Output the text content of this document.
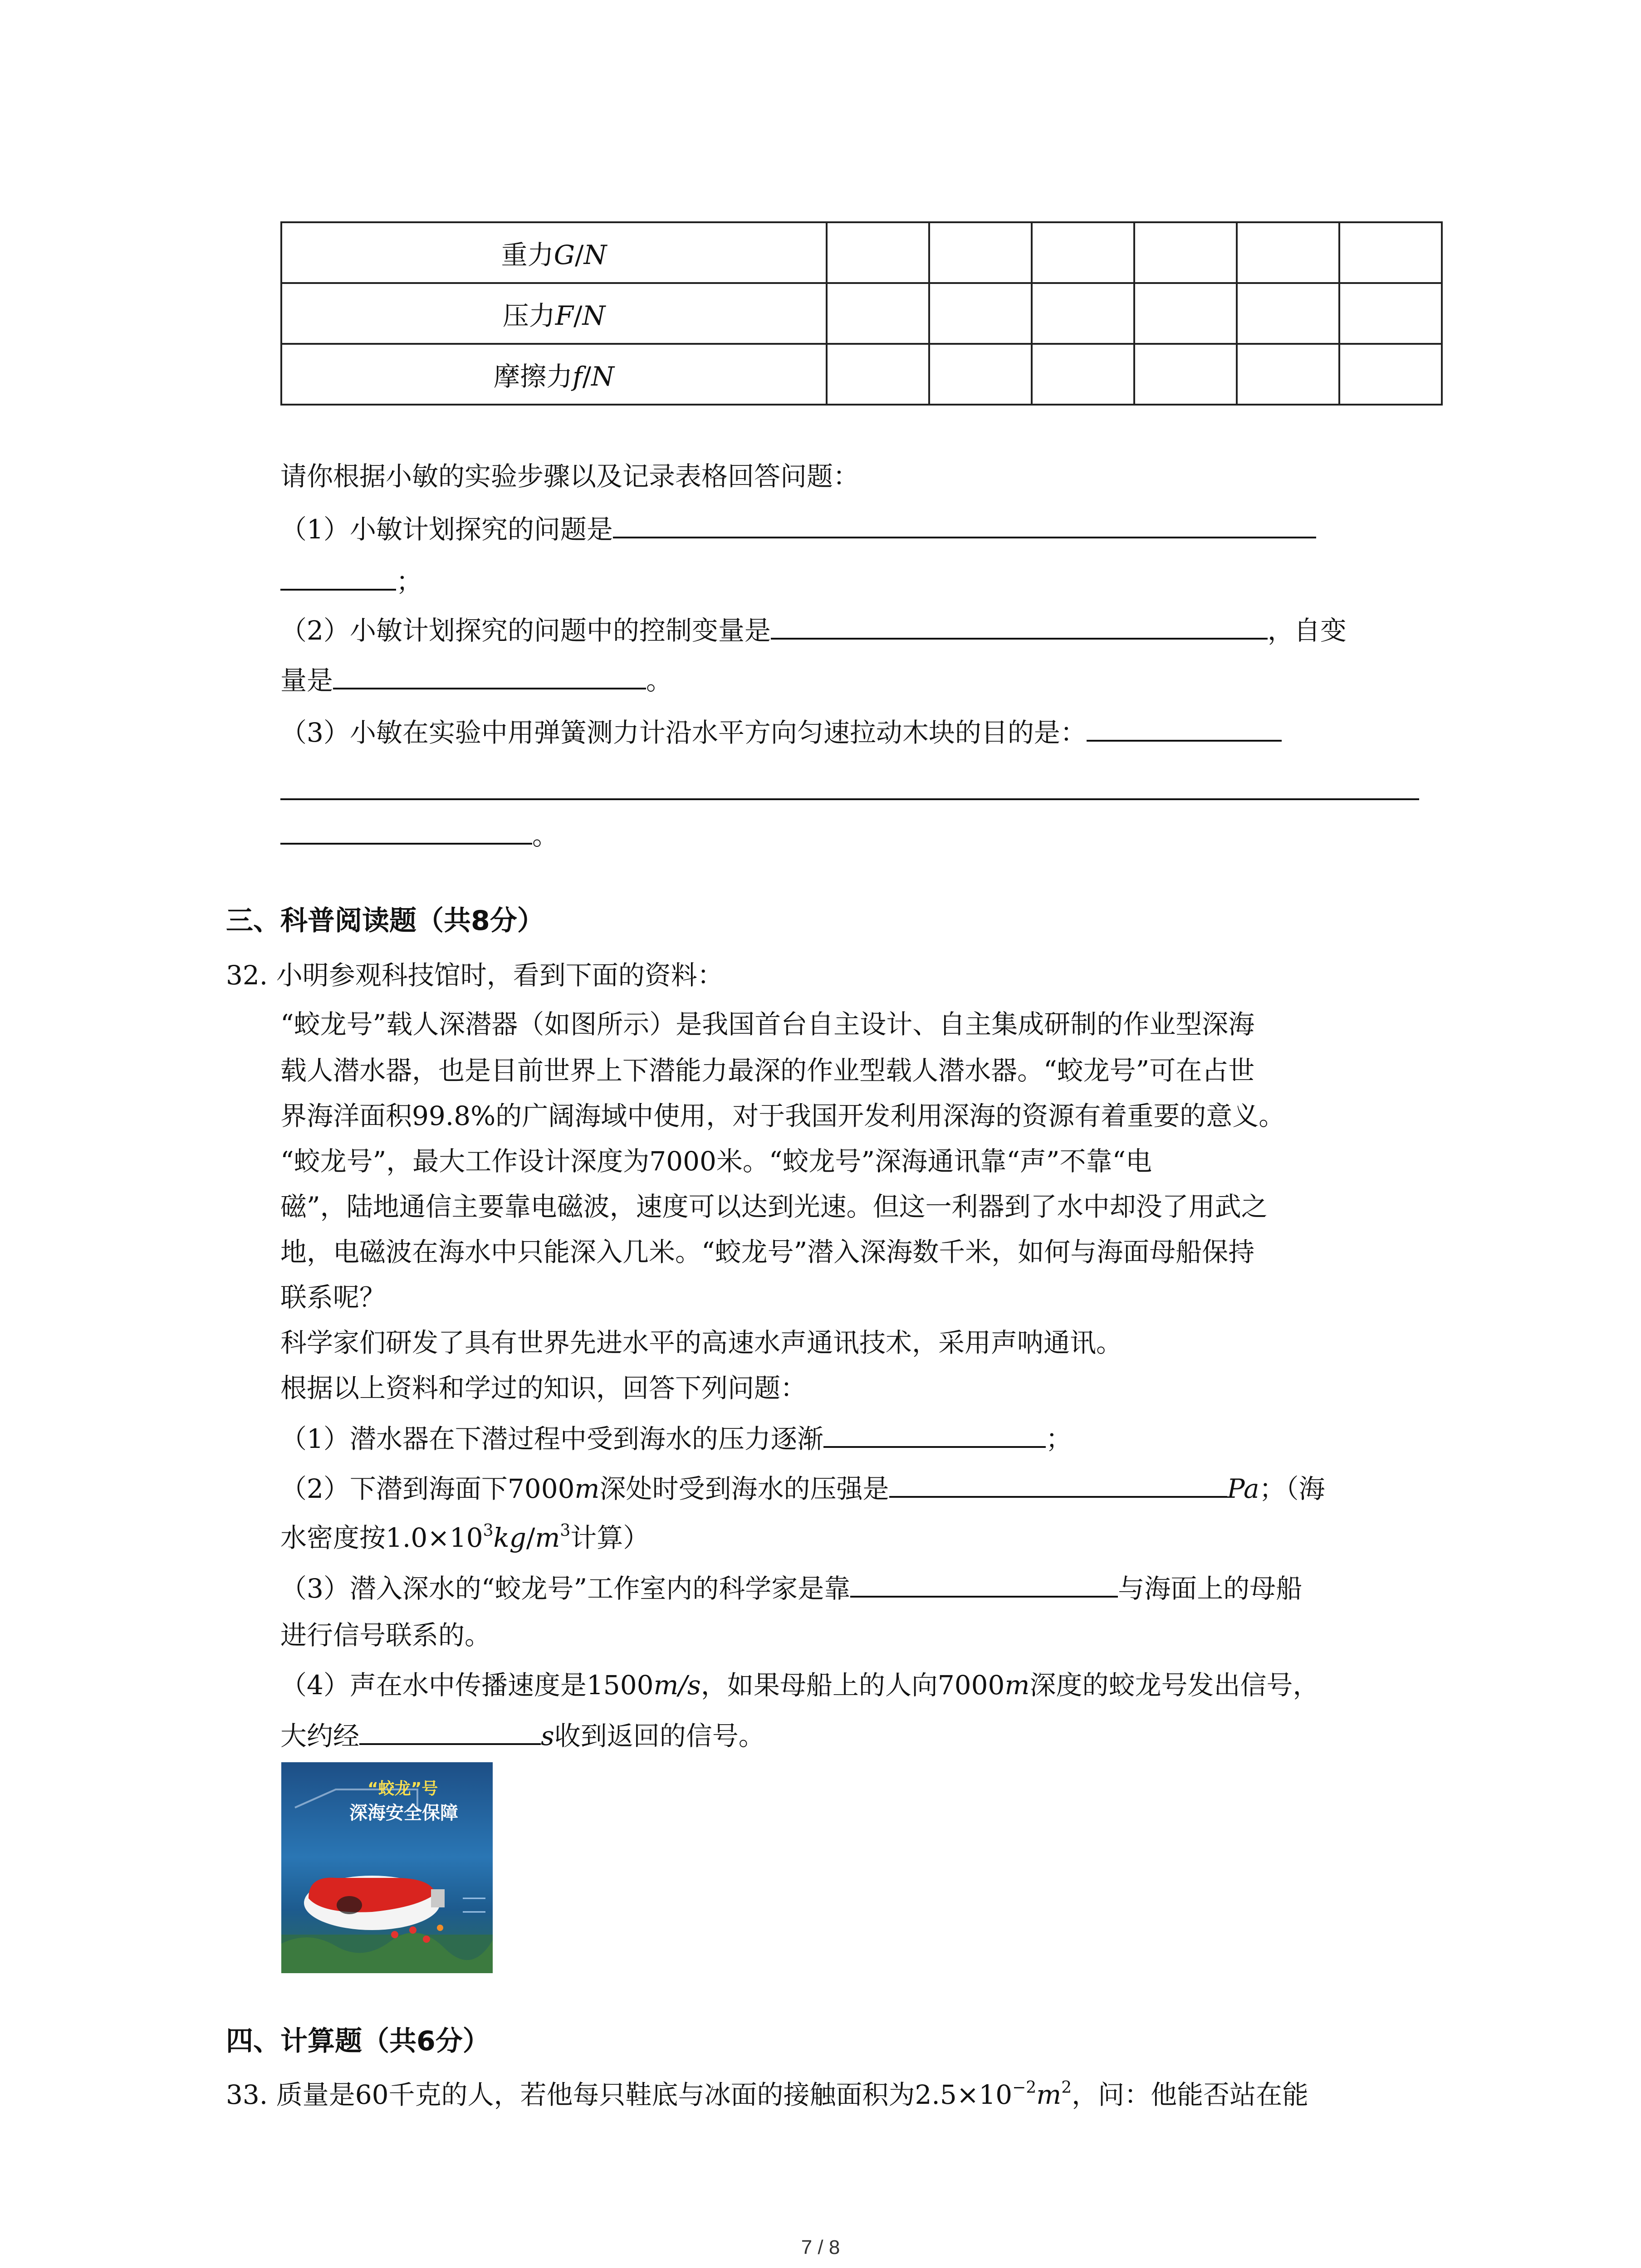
重力G/N						
压力F/N						
摩擦力f/N						
请你根据小敏的实验步骤以及记录表格回答问题：
（1）小敏计划探究的问题是
；
（2）小敏计划探究的问题中的控制变量是	，自变
量是	。
（3）小敏在实验中用弹簧测力计沿水平方向匀速拉动木块的目的是：
。
三、科普阅读题（共8分）
32. 小明参观科技馆时，看到下面的资料：
“蛟龙号”载人深潜器（如图所示）是我国首台自主设计、自主集成研制的作业型深海
载人潜水器，也是目前世界上下潜能力最深的作业型载人潜水器。“蛟龙号”可在占世
界海洋面积99.8%的广阔海域中使用，对于我国开发利用深海的资源有着重要的意义。
“蛟龙号”，最大工作设计深度为7000米。“蛟龙号”深海通讯靠“声”不靠“电
磁”，陆地通信主要靠电磁波，速度可以达到光速。但这一利器到了水中却没了用武之
地，电磁波在海水中只能深入几米。“蛟龙号”潜入深海数千米，如何与海面母船保持
联系呢？
科学家们研发了具有世界先进水平的高速水声通讯技术，采用声呐通讯。
根据以上资料和学过的知识，回答下列问题：
（1）潜水器在下潜过程中受到海水的压力逐渐	；
（2）下潜到海面下7000m深处时受到海水的压强是	Pa；（海
水密度按$1.0\times 10^3kg/m^3$计算）
（3）潜入深水的“蛟龙号”工作室内的科学家是靠	与海面上的母船
进行信号联系的。
（4）声在水中传播速度是1500m/s，如果母船上的人向7000m深度的蛟龙号发出信号，
大约经	s收到返回的信号。
“蛟龙”号
深海安全保障
四、计算题（共6分）
33. 质量是60千克的人，若他每只鞋底与冰面的接触面积为$2.5\times 10^{-2}m^2$，问：他能否站在能
7 / 8
